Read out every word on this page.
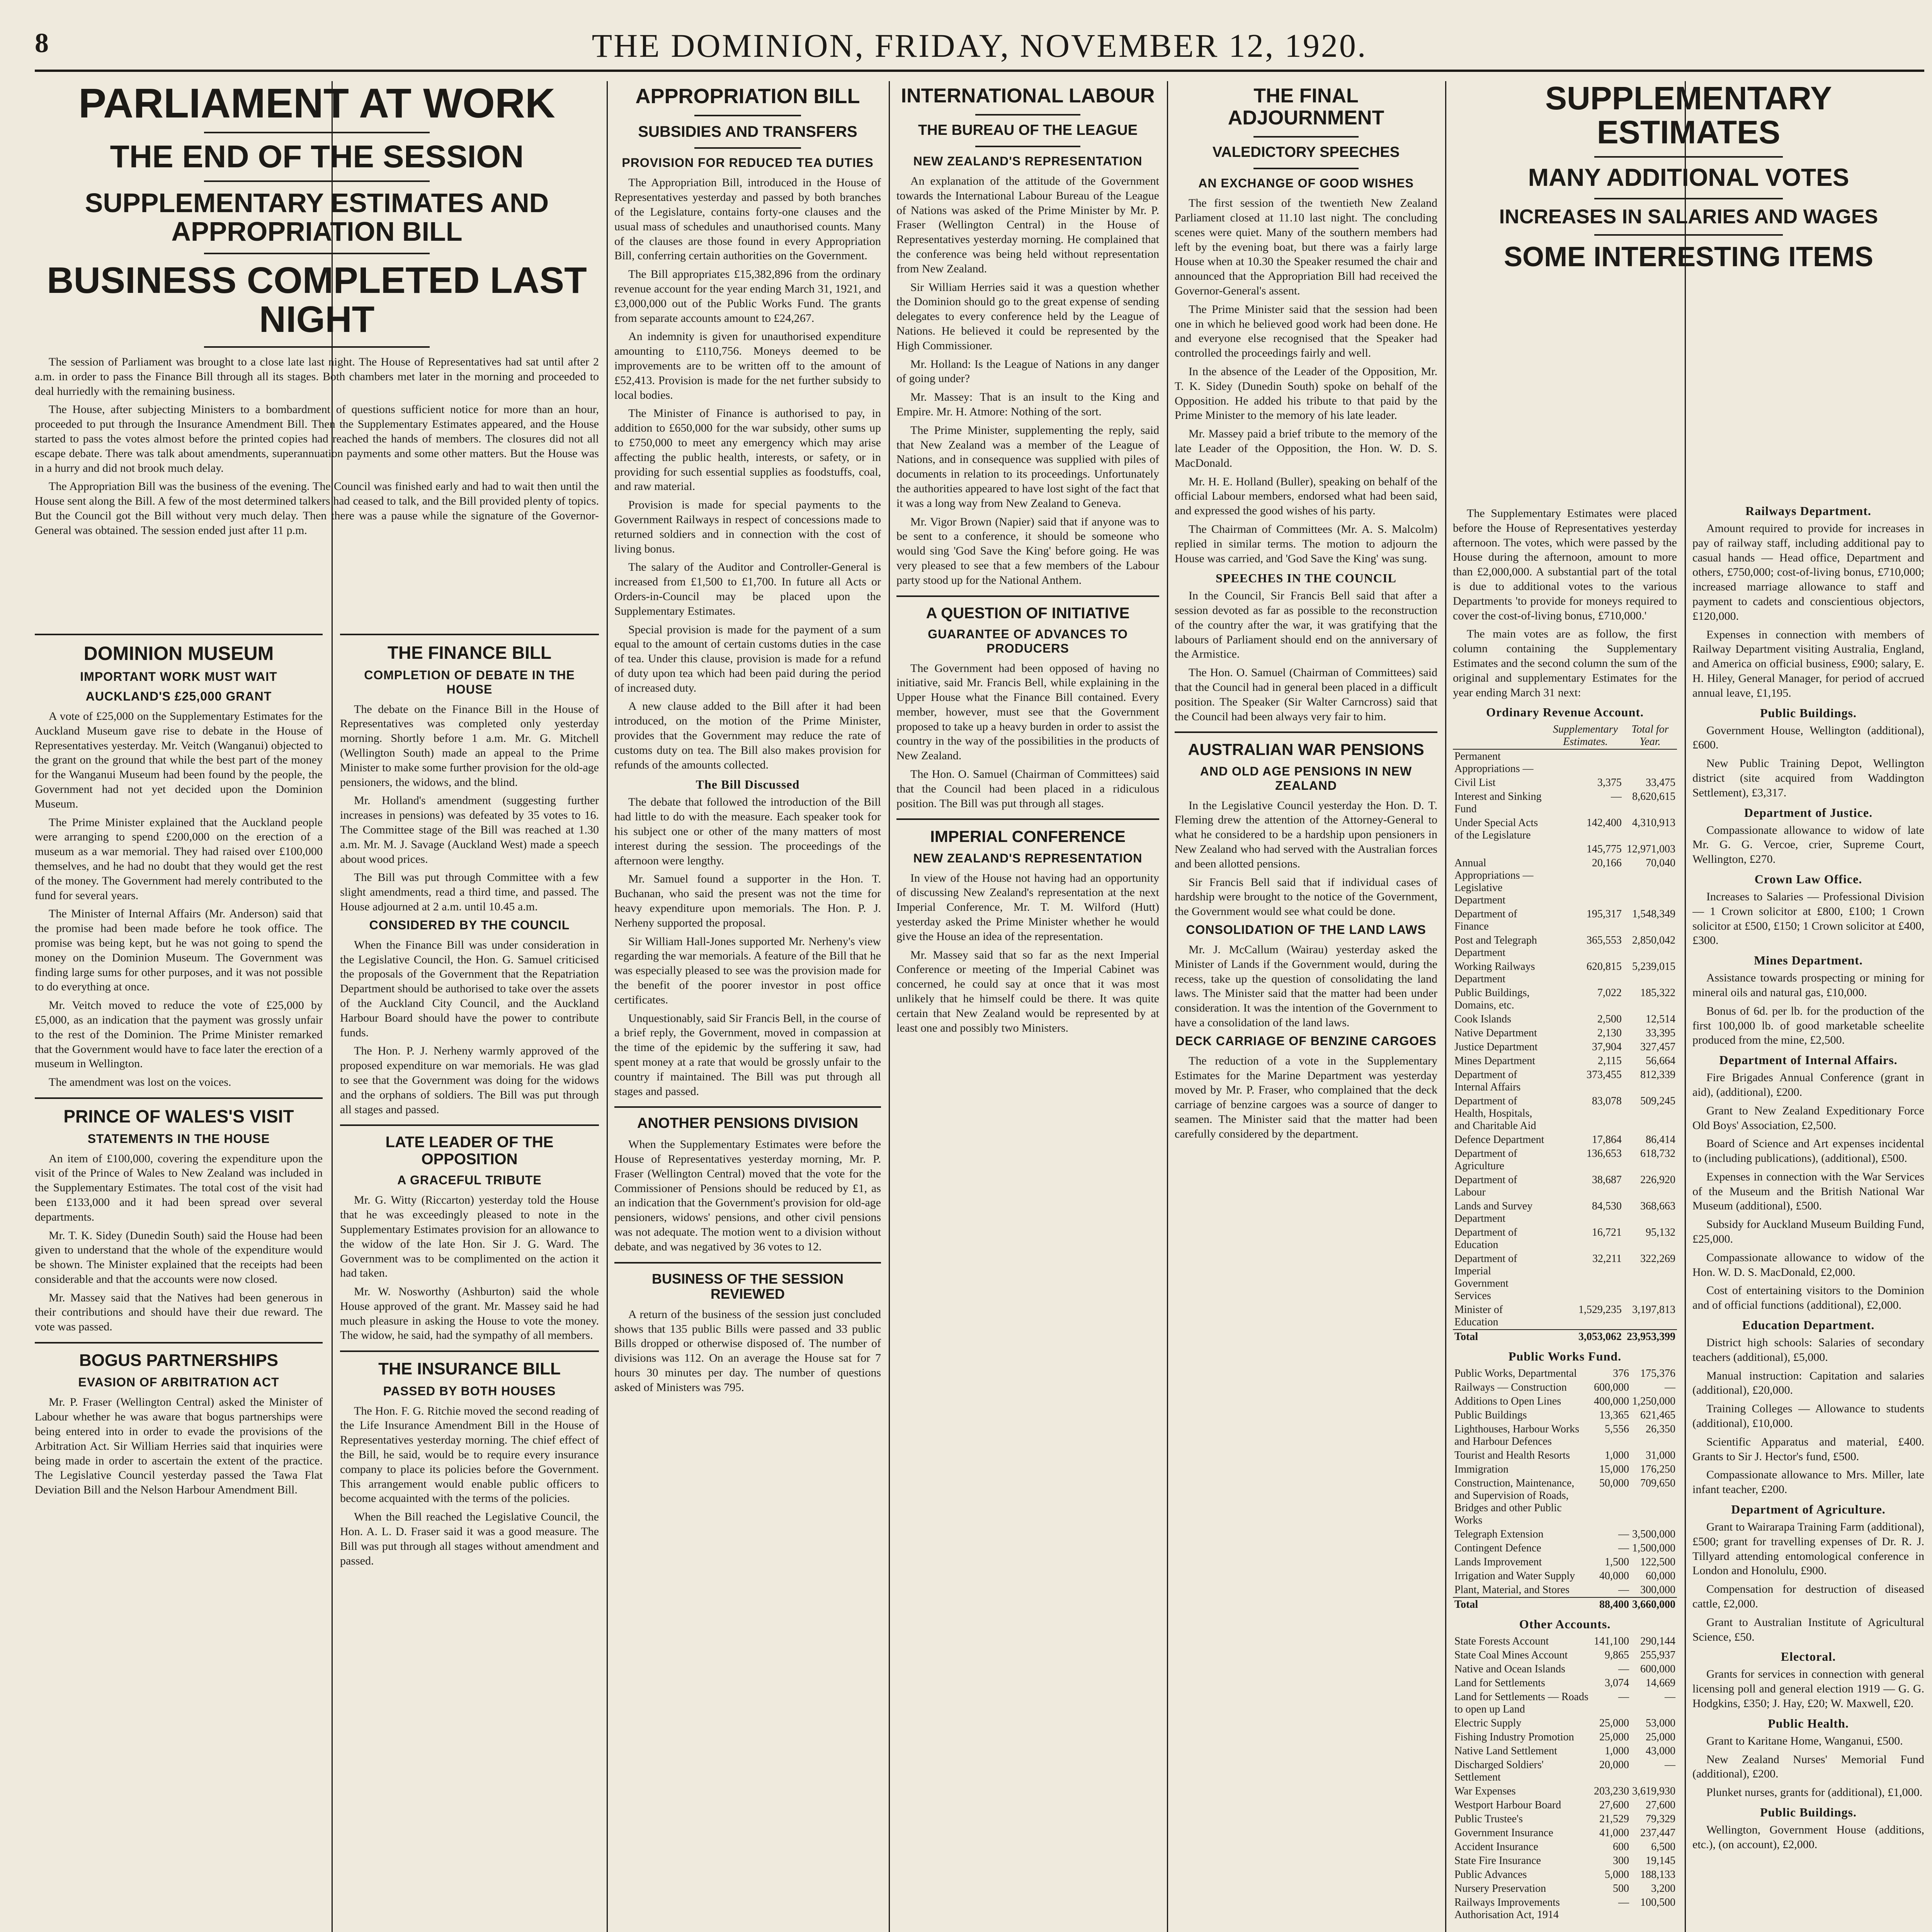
8	THE DOMINION, FRIDAY, NOVEMBER 12, 1920.
PARLIAMENT AT WORK
THE END OF THE SESSION
SUPPLEMENTARY ESTIMATES AND APPROPRIATION BILL
BUSINESS COMPLETED LAST NIGHT

The session of Parliament was brought to a close late last night. The House of Representatives had sat until after 2 a.m. in order to pass the Finance Bill through all its stages. Both chambers met later in the morning and proceeded to deal hurriedly with the remaining business.

The House, after subjecting Ministers to a bombardment of questions sufficient notice for more than an hour, proceeded to put through the Insurance Amendment Bill. Then the Supplementary Estimates appeared, and the House started to pass the votes almost before the printed copies had reached the hands of members. The closures did not all escape debate. There was talk about amendments, superannuation payments and some other matters. But the House was in a hurry and did not brook much delay.

The Appropriation Bill was the business of the evening. The Council was finished early and had to wait then until the House sent along the Bill. A few of the most determined talkers had ceased to talk, and the Bill provided plenty of topics. But the Council got the Bill without very much delay. Then there was a pause while the signature of the Governor-General was obtained. The session ended just after 11 p.m.

DOMINION MUSEUM
IMPORTANT WORK MUST WAIT
AUCKLAND'S £25,000 GRANT

A vote of £25,000 on the Supplementary Estimates for the Auckland Museum gave rise to debate in the House of Representatives yesterday. Mr. Veitch (Wanganui) objected to the grant on the ground that while the best part of the money for the Wanganui Museum had been found by the people, the Government had not yet decided upon the Dominion Museum.

The Prime Minister explained that the Auckland people were arranging to spend £200,000 on the erection of a museum as a war memorial. They had raised over £100,000 themselves, and he had no doubt that they would get the rest of the money. The Government had merely contributed to the fund for several years.

The Minister of Internal Affairs (Mr. Anderson) said that the promise had been made before he took office. The promise was being kept, but he was not going to spend the money on the Dominion Museum. The Government was finding large sums for other purposes, and it was not possible to do everything at once.

Mr. Veitch moved to reduce the vote of £25,000 by £5,000, as an indication that the payment was grossly unfair to the rest of the Dominion. The Prime Minister remarked that the Government would have to face later the erection of a museum in Wellington.

The amendment was lost on the voices.

PRINCE OF WALES'S VISIT
STATEMENTS IN THE HOUSE

An item of £100,000, covering the expenditure upon the visit of the Prince of Wales to New Zealand was included in the Supplementary Estimates. The total cost of the visit had been £133,000 and it had been spread over several departments.

Mr. T. K. Sidey (Dunedin South) said the House had been given to understand that the whole of the expenditure would be shown. The Minister explained that the receipts had been considerable and that the accounts were now closed.

Mr. Massey said that the Natives had been generous in their contributions and should have their due reward. The vote was passed.

BOGUS PARTNERSHIPS
EVASION OF ARBITRATION ACT

Mr. P. Fraser (Wellington Central) asked the Minister of Labour whether he was aware that bogus partnerships were being entered into in order to evade the provisions of the Arbitration Act. Sir William Herries said that inquiries were being made in order to ascertain the extent of the practice. The Legislative Council yesterday passed the Tawa Flat Deviation Bill and the Nelson Harbour Amendment Bill.

THE FINANCE BILL
COMPLETION OF DEBATE IN THE HOUSE

The debate on the Finance Bill in the House of Representatives was completed only yesterday morning. Shortly before 1 a.m. Mr. G. Mitchell (Wellington South) made an appeal to the Prime Minister to make some further provision for the old-age pensioners, the widows, and the blind.

Mr. Holland's amendment (suggesting further increases in pensions) was defeated by 35 votes to 16. The Committee stage of the Bill was reached at 1.30 a.m. Mr. M. J. Savage (Auckland West) made a speech about wood prices.

The Bill was put through Committee with a few slight amendments, read a third time, and passed. The House adjourned at 2 a.m. until 10.45 a.m.

CONSIDERED BY THE COUNCIL

When the Finance Bill was under consideration in the Legislative Council, the Hon. G. Samuel criticised the proposals of the Government that the Repatriation Department should be authorised to take over the assets of the Auckland City Council, and the Auckland Harbour Board should have the power to contribute funds.

The Hon. P. J. Nerheny warmly approved of the proposed expenditure on war memorials. He was glad to see that the Government was doing for the widows and the orphans of soldiers. The Bill was put through all stages and passed.

LATE LEADER OF THE OPPOSITION
A GRACEFUL TRIBUTE

Mr. G. Witty (Riccarton) yesterday told the House that he was exceedingly pleased to note in the Supplementary Estimates provision for an allowance to the widow of the late Hon. Sir J. G. Ward. The Government was to be complimented on the action it had taken.

Mr. W. Nosworthy (Ashburton) said the whole House approved of the grant. Mr. Massey said he had much pleasure in asking the House to vote the money. The widow, he said, had the sympathy of all members.

THE INSURANCE BILL
PASSED BY BOTH HOUSES

The Hon. F. G. Ritchie moved the second reading of the Life Insurance Amendment Bill in the House of Representatives yesterday morning. The chief effect of the Bill, he said, would be to require every insurance company to place its policies before the Government. This arrangement would enable public officers to become acquainted with the terms of the policies.

When the Bill reached the Legislative Council, the Hon. A. L. D. Fraser said it was a good measure. The Bill was put through all stages without amendment and passed.

APPROPRIATION BILL
SUBSIDIES AND TRANSFERS
PROVISION FOR REDUCED TEA DUTIES

The Appropriation Bill, introduced in the House of Representatives yesterday and passed by both branches of the Legislature, contains forty-one clauses and the usual mass of schedules and unauthorised counts. Many of the clauses are those found in every Appropriation Bill, conferring certain authorities on the Government.

The Bill appropriates £15,382,896 from the ordinary revenue account for the year ending March 31, 1921, and £3,000,000 out of the Public Works Fund. The grants from separate accounts amount to £24,267.

An indemnity is given for unauthorised expenditure amounting to £110,756. Moneys deemed to be improvements are to be written off to the amount of £52,413. Provision is made for the net further subsidy to local bodies.

The Minister of Finance is authorised to pay, in addition to £650,000 for the war subsidy, other sums up to £750,000 to meet any emergency which may arise affecting the public health, interests, or safety, or in providing for such essential supplies as foodstuffs, coal, and raw material.

Provision is made for special payments to the Government Railways in respect of concessions made to returned soldiers and in connection with the cost of living bonus.

The salary of the Auditor and Controller-General is increased from £1,500 to £1,700. In future all Acts or Orders-in-Council may be placed upon the Supplementary Estimates.

Special provision is made for the payment of a sum equal to the amount of certain customs duties in the case of tea. Under this clause, provision is made for a refund of duty upon tea which had been paid during the period of increased duty.

A new clause added to the Bill after it had been introduced, on the motion of the Prime Minister, provides that the Government may reduce the rate of customs duty on tea. The Bill also makes provision for refunds of the amounts collected.

The Bill Discussed

The debate that followed the introduction of the Bill had little to do with the measure. Each speaker took for his subject one or other of the many matters of most interest during the session. The proceedings of the afternoon were lengthy.

Mr. Samuel found a supporter in the Hon. T. Buchanan, who said the present was not the time for heavy expenditure upon memorials. The Hon. P. J. Nerheny supported the proposal.

Sir William Hall-Jones supported Mr. Nerheny's view regarding the war memorials. A feature of the Bill that he was especially pleased to see was the provision made for the benefit of the poorer investor in post office certificates.

Unquestionably, said Sir Francis Bell, in the course of a brief reply, the Government, moved in compassion at the time of the epidemic by the suffering it saw, had spent money at a rate that would be grossly unfair to the country if maintained. The Bill was put through all stages and passed.

ANOTHER PENSIONS DIVISION

When the Supplementary Estimates were before the House of Representatives yesterday morning, Mr. P. Fraser (Wellington Central) moved that the vote for the Commissioner of Pensions should be reduced by £1, as an indication that the Government's provision for old-age pensioners, widows' pensions, and other civil pensions was not adequate. The motion went to a division without debate, and was negatived by 36 votes to 12.

BUSINESS OF THE SESSION REVIEWED

A return of the business of the session just concluded shows that 135 public Bills were passed and 33 public Bills dropped or otherwise disposed of. The number of divisions was 112. On an average the House sat for 7 hours 30 minutes per day. The number of questions asked of Ministers was 795.

INTERNATIONAL LABOUR
THE BUREAU OF THE LEAGUE
NEW ZEALAND'S REPRESENTATION

An explanation of the attitude of the Government towards the International Labour Bureau of the League of Nations was asked of the Prime Minister by Mr. P. Fraser (Wellington Central) in the House of Representatives yesterday morning. He complained that the conference was being held without representation from New Zealand.

Sir William Herries said it was a question whether the Dominion should go to the great expense of sending delegates to every conference held by the League of Nations. He believed it could be represented by the High Commissioner.

Mr. Holland: Is the League of Nations in any danger of going under?

Mr. Massey: That is an insult to the King and Empire. Mr. H. Atmore: Nothing of the sort.

The Prime Minister, supplementing the reply, said that New Zealand was a member of the League of Nations, and in consequence was supplied with piles of documents in relation to its proceedings. Unfortunately the authorities appeared to have lost sight of the fact that it was a long way from New Zealand to Geneva.

Mr. Vigor Brown (Napier) said that if anyone was to be sent to a conference, it should be someone who would sing 'God Save the King' before going. He was very pleased to see that a few members of the Labour party stood up for the National Anthem.

A QUESTION OF INITIATIVE
GUARANTEE OF ADVANCES TO PRODUCERS

The Government had been opposed of having no initiative, said Mr. Francis Bell, while explaining in the Upper House what the Finance Bill contained. Every member, however, must see that the Government proposed to take up a heavy burden in order to assist the country in the way of the possibilities in the products of New Zealand.

The Hon. O. Samuel (Chairman of Committees) said that the Council had been placed in a ridiculous position. The Bill was put through all stages.

IMPERIAL CONFERENCE
NEW ZEALAND'S REPRESENTATION

In view of the House not having had an opportunity of discussing New Zealand's representation at the next Imperial Conference, Mr. T. M. Wilford (Hutt) yesterday asked the Prime Minister whether he would give the House an idea of the representation.

Mr. Massey said that so far as the next Imperial Conference or meeting of the Imperial Cabinet was concerned, he could say at once that it was most unlikely that he himself could be there. It was quite certain that New Zealand would be represented by at least one and possibly two Ministers.

THE FINAL ADJOURNMENT
VALEDICTORY SPEECHES
AN EXCHANGE OF GOOD WISHES

The first session of the twentieth New Zealand Parliament closed at 11.10 last night. The concluding scenes were quiet. Many of the southern members had left by the evening boat, but there was a fairly large House when at 10.30 the Speaker resumed the chair and announced that the Appropriation Bill had received the Governor-General's assent.

The Prime Minister said that the session had been one in which he believed good work had been done. He and everyone else recognised that the Speaker had controlled the proceedings fairly and well.

In the absence of the Leader of the Opposition, Mr. T. K. Sidey (Dunedin South) spoke on behalf of the Opposition. He added his tribute to that paid by the Prime Minister to the memory of his late leader.

Mr. Massey paid a brief tribute to the memory of the late Leader of the Opposition, the Hon. W. D. S. MacDonald.

Mr. H. E. Holland (Buller), speaking on behalf of the official Labour members, endorsed what had been said, and expressed the good wishes of his party.

The Chairman of Committees (Mr. A. S. Malcolm) replied in similar terms. The motion to adjourn the House was carried, and 'God Save the King' was sung.

SPEECHES IN THE COUNCIL

In the Council, Sir Francis Bell said that after a session devoted as far as possible to the reconstruction of the country after the war, it was gratifying that the labours of Parliament should end on the anniversary of the Armistice.

The Hon. O. Samuel (Chairman of Committees) said that the Council had in general been placed in a difficult position. The Speaker (Sir Walter Carncross) said that the Council had been always very fair to him.

AUSTRALIAN WAR PENSIONS
AND OLD AGE PENSIONS IN NEW ZEALAND

In the Legislative Council yesterday the Hon. D. T. Fleming drew the attention of the Attorney-General to what he considered to be a hardship upon pensioners in New Zealand who had served with the Australian forces and been allotted pensions.

Sir Francis Bell said that if individual cases of hardship were brought to the notice of the Government, the Government would see what could be done.

CONSOLIDATION OF THE LAND LAWS

Mr. J. McCallum (Wairau) yesterday asked the Minister of Lands if the Government would, during the recess, take up the question of consolidating the land laws. The Minister said that the matter had been under consideration. It was the intention of the Government to have a consolidation of the land laws.

DECK CARRIAGE OF BENZINE CARGOES

The reduction of a vote in the Supplementary Estimates for the Marine Department was yesterday moved by Mr. P. Fraser, who complained that the deck carriage of benzine cargoes was a source of danger to seamen. The Minister said that the matter had been carefully considered by the department.

SUPPLEMENTARY ESTIMATES
MANY ADDITIONAL VOTES
INCREASES IN SALARIES AND WAGES
SOME INTERESTING ITEMS

The Supplementary Estimates were placed before the House of Representatives yesterday afternoon. The votes, which were passed by the House during the afternoon, amount to more than £2,000,000. A substantial part of the total is due to additional votes to the various Departments 'to provide for moneys required to cover the cost-of-living bonus, £710,000.'

The main votes are as follow, the first column containing the Supplementary Estimates and the second column the sum of the original and supplementary Estimates for the year ending March 31 next:

Ordinary Revenue Account.
	Supplementary Estimates.	Total for Year.
Permanent Appropriations —		
Civil List	3,375	33,475
Interest and Sinking Fund	—	8,620,615
Under Special Acts of the Legislature	142,400	4,310,913
	145,775	12,971,003
Annual Appropriations — Legislative Department	20,166	70,040
Department of Finance	195,317	1,548,349
Post and Telegraph Department	365,553	2,850,042
Working Railways Department	620,815	5,239,015
Public Buildings, Domains, etc.	7,022	185,322
Cook Islands	2,500	12,514
Native Department	2,130	33,395
Justice Department	37,904	327,457
Mines Department	2,115	56,664
Department of Internal Affairs	373,455	812,339
Department of Health, Hospitals, and Charitable Aid	83,078	509,245
Defence Department	17,864	86,414
Department of Agriculture	136,653	618,732
Department of Labour	38,687	226,920
Lands and Survey Department	84,530	368,663
Department of Education	16,721	95,132
Department of Imperial Government Services	32,211	322,269
Minister of Education	1,529,235	3,197,813
Total	3,053,062	23,953,399
Public Works Fund.
Public Works, Departmental	376	175,376
Railways — Construction	600,000	—
Additions to Open Lines	400,000	1,250,000
Public Buildings	13,365	621,465
Lighthouses, Harbour Works and Harbour Defences	5,556	26,350
Tourist and Health Resorts	1,000	31,000
Immigration	15,000	176,250
Construction, Maintenance, and Supervision of Roads, Bridges and other Public Works	50,000	709,650
Telegraph Extension	—	3,500,000
Contingent Defence	—	1,500,000
Lands Improvement	1,500	122,500
Irrigation and Water Supply	40,000	60,000
Plant, Material, and Stores	—	300,000
Total	88,400	3,660,000
Other Accounts.
State Forests Account	141,100	290,144
State Coal Mines Account	9,865	255,937
Native and Ocean Islands	—	600,000
Land for Settlements	3,074	14,669
Land for Settlements — Roads to open up Land	—	—
Electric Supply	25,000	53,000
Fishing Industry Promotion	25,000	25,000
Native Land Settlement	1,000	43,000
Discharged Soldiers' Settlement	20,000	—
War Expenses	203,230	3,619,930
Westport Harbour Board	27,600	27,600
Public Trustee's	21,529	79,329
Government Insurance	41,000	237,447
Accident Insurance	600	6,500
State Fire Insurance	300	19,145
Public Advances	5,000	188,133
Nursery Preservation	500	3,200
Railways Improvements Authorisation Act, 1914	—	100,500
Railways Department.

Amount required to provide for increases in pay of railway staff, including additional pay to casual hands — Head office, Department and others, £750,000; cost-of-living bonus, £710,000; increased marriage allowance to staff and payment to cadets and conscientious objectors, £120,000.

Expenses in connection with members of Railway Department visiting Australia, England, and America on official business, £900; salary, E. H. Hiley, General Manager, for period of accrued annual leave, £1,195.

Public Buildings.

Government House, Wellington (additional), £600.

New Public Training Depot, Wellington district (site acquired from Waddington Settlement), £3,317.

Department of Justice.

Compassionate allowance to widow of late Mr. G. G. Vercoe, crier, Supreme Court, Wellington, £270.

Crown Law Office.

Increases to Salaries — Professional Division — 1 Crown solicitor at £800, £100; 1 Crown solicitor at £500, £150; 1 Crown solicitor at £400, £300.

Mines Department.

Assistance towards prospecting or mining for mineral oils and natural gas, £10,000.

Bonus of 6d. per lb. for the production of the first 100,000 lb. of good marketable scheelite produced from the mine, £2,500.

Department of Internal Affairs.

Fire Brigades Annual Conference (grant in aid), (additional), £200.

Grant to New Zealand Expeditionary Force Old Boys' Association, £2,500.

Board of Science and Art expenses incidental to (including publications), (additional), £500.

Expenses in connection with the War Services of the Museum and the British National War Museum (additional), £500.

Subsidy for Auckland Museum Building Fund, £25,000.

Compassionate allowance to widow of the Hon. W. D. S. MacDonald, £2,000.

Cost of entertaining visitors to the Dominion and of official functions (additional), £2,000.

Education Department.

District high schools: Salaries of secondary teachers (additional), £5,000.

Manual instruction: Capitation and salaries (additional), £20,000.

Training Colleges — Allowance to students (additional), £10,000.

Scientific Apparatus and material, £400. Grants to Sir J. Hector's fund, £500.

Compassionate allowance to Mrs. Miller, late infant teacher, £200.

Department of Agriculture.

Grant to Wairarapa Training Farm (additional), £500; grant for travelling expenses of Dr. R. J. Tillyard attending entomological conference in London and Honolulu, £900.

Compensation for destruction of diseased cattle, £2,000.

Grant to Australian Institute of Agricultural Science, £50.

Electoral.

Grants for services in connection with general licensing poll and general election 1919 — G. G. Hodgkins, £350; J. Hay, £20; W. Maxwell, £20.

Public Health.

Grant to Karitane Home, Wanganui, £500.

New Zealand Nurses' Memorial Fund (additional), £200.

Plunket nurses, grants for (additional), £1,000.

Public Buildings.

Wellington, Government House (additions, etc.), (on account), £2,000.
